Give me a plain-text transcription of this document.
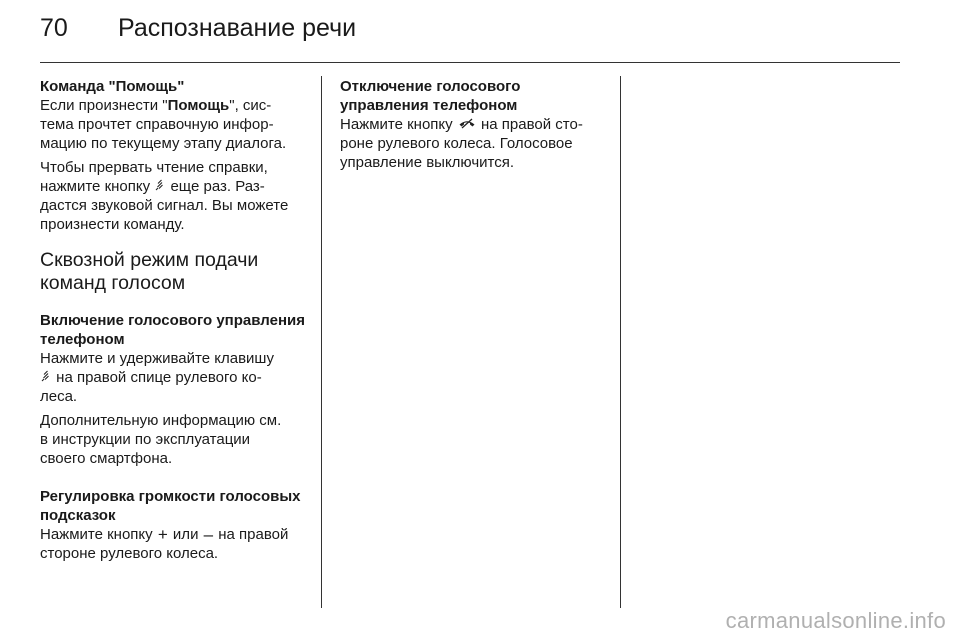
70	Распознавание речи
Команда "Помощь"
Если произнести "Помощь", сис-
тема прочтет справочную инфор-
мацию по текущему этапу диалога.
Чтобы прервать чтение справки,
нажмите кнопку  еще раз. Раз-
дастся звуковой сигнал. Вы можете
произнести команду.
Сквозной режим подачи
команд голосом
Включение голосового управления
телефоном
Нажмите и удерживайте клавишу
на правой спице рулевого ко-
леса.
Дополнительную информацию см.
в инструкции по эксплуатации
своего смартфона.
Регулировка громкости голосовых
подсказок
Нажмите кнопку + или – на правой
стороне рулевого колеса.
Отключение голосового
управления телефоном
Нажмите кнопку  на правой сто-
роне рулевого колеса. Голосовое
управление выключится.
carmanualsonline.info
